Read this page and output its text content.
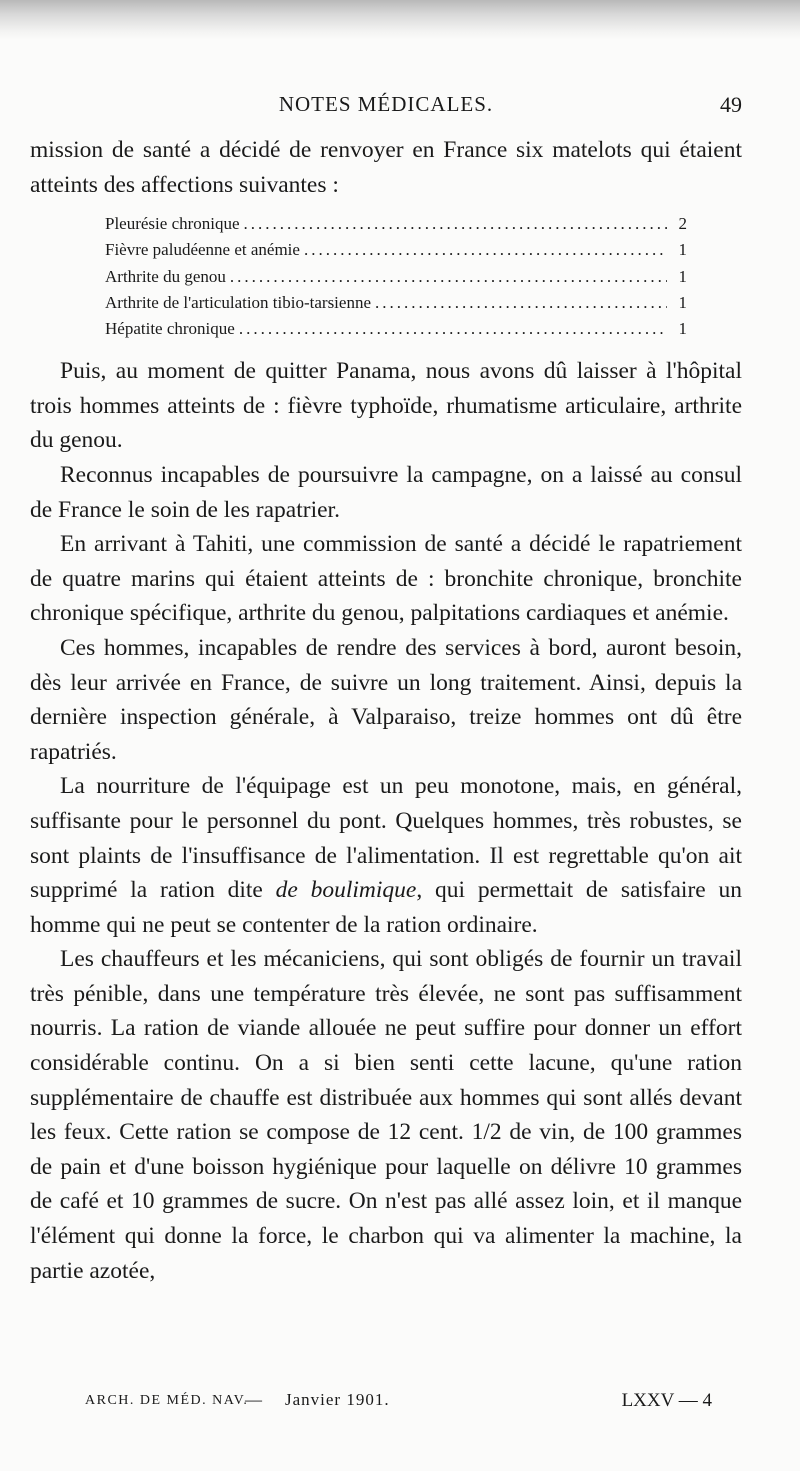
NOTES MÉDICALES.	49

mission de santé a décidé de renvoyer en France six matelots qui étaient atteints des affections suivantes :

Pleurésie chronique .....	2
Fièvre paludéenne et anémie .....	1
Arthrite du genou .....	1
Arthrite de l'articulation tibio-tarsienne .....	1
Hépatite chronique .....	1

Puis, au moment de quitter Panama, nous avons dû laisser à l'hôpital trois hommes atteints de : fièvre typhoïde, rhumatisme articulaire, arthrite du genou.

Reconnus incapables de poursuivre la campagne, on a laissé au consul de France le soin de les rapatrier.

En arrivant à Tahiti, une commission de santé a décidé le rapatriement de quatre marins qui étaient atteints de : bronchite chronique, bronchite chronique spécifique, arthrite du genou, palpitations cardiaques et anémie.

Ces hommes, incapables de rendre des services à bord, auront besoin, dès leur arrivée en France, de suivre un long traitement. Ainsi, depuis la dernière inspection générale, à Valparaiso, treize hommes ont dû être rapatriés.

La nourriture de l'équipage est un peu monotone, mais, en général, suffisante pour le personnel du pont. Quelques hommes, très robustes, se sont plaints de l'insuffisance de l'alimentation. Il est regrettable qu'on ait supprimé la ration dite de boulimique, qui permettait de satisfaire un homme qui ne peut se contenter de la ration ordinaire.

Les chauffeurs et les mécaniciens, qui sont obligés de fournir un travail très pénible, dans une température très élevée, ne sont pas suffisamment nourris. La ration de viande allouée ne peut suffire pour donner un effort considérable continu. On a si bien senti cette lacune, qu'une ration supplémentaire de chauffe est distribuée aux hommes qui sont allés devant les feux. Cette ration se compose de 12 cent. 1/2 de vin, de 100 grammes de pain et d'une boisson hygiénique pour laquelle on délivre 10 grammes de café et 10 grammes de sucre. On n'est pas allé assez loin, et il manque l'élément qui donne la force, le charbon qui va alimenter la machine, la partie azotée,

ARCH. DE MÉD. NAV.
— Janvier 1901.	LXXV — 4
